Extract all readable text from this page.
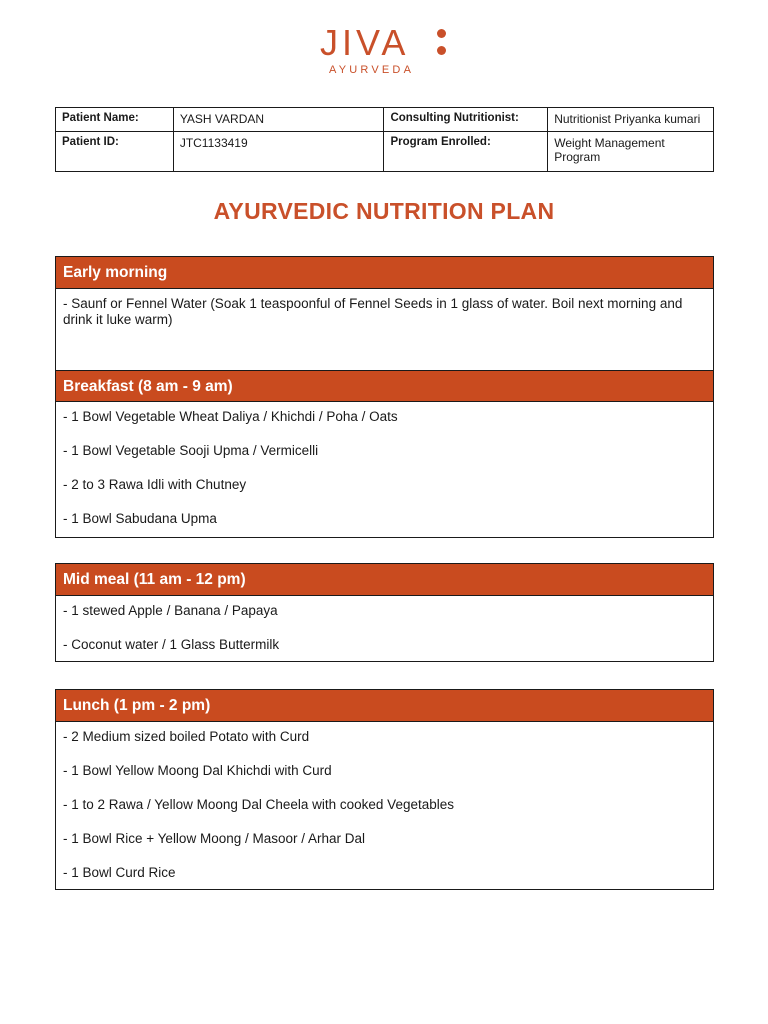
JIVA
AYURVEDA
Patient Name:	YASH VARDAN	Consulting Nutritionist:	Nutritionist Priyanka kumari
Patient ID:	JTC1133419	Program Enrolled:	Weight Management Program
AYURVEDIC NUTRITION PLAN
Early morning
- Saunf or Fennel Water (Soak 1 teaspoonful of Fennel Seeds in 1 glass of water. Boil next morning and drink it luke warm)
Breakfast (8 am - 9 am)
- 1 Bowl Vegetable Wheat Daliya / Khichdi / Poha / Oats
- 1 Bowl Vegetable Sooji Upma / Vermicelli
- 2 to 3 Rawa Idli with Chutney
- 1 Bowl Sabudana Upma
Mid meal (11 am - 12 pm)
- 1 stewed Apple / Banana / Papaya
- Coconut water / 1 Glass Buttermilk
Lunch (1 pm - 2 pm)
- 2 Medium sized boiled Potato with Curd
- 1 Bowl Yellow Moong Dal Khichdi with Curd
- 1 to 2 Rawa / Yellow Moong Dal Cheela with cooked Vegetables
- 1 Bowl Rice + Yellow Moong / Masoor / Arhar Dal
- 1 Bowl Curd Rice
